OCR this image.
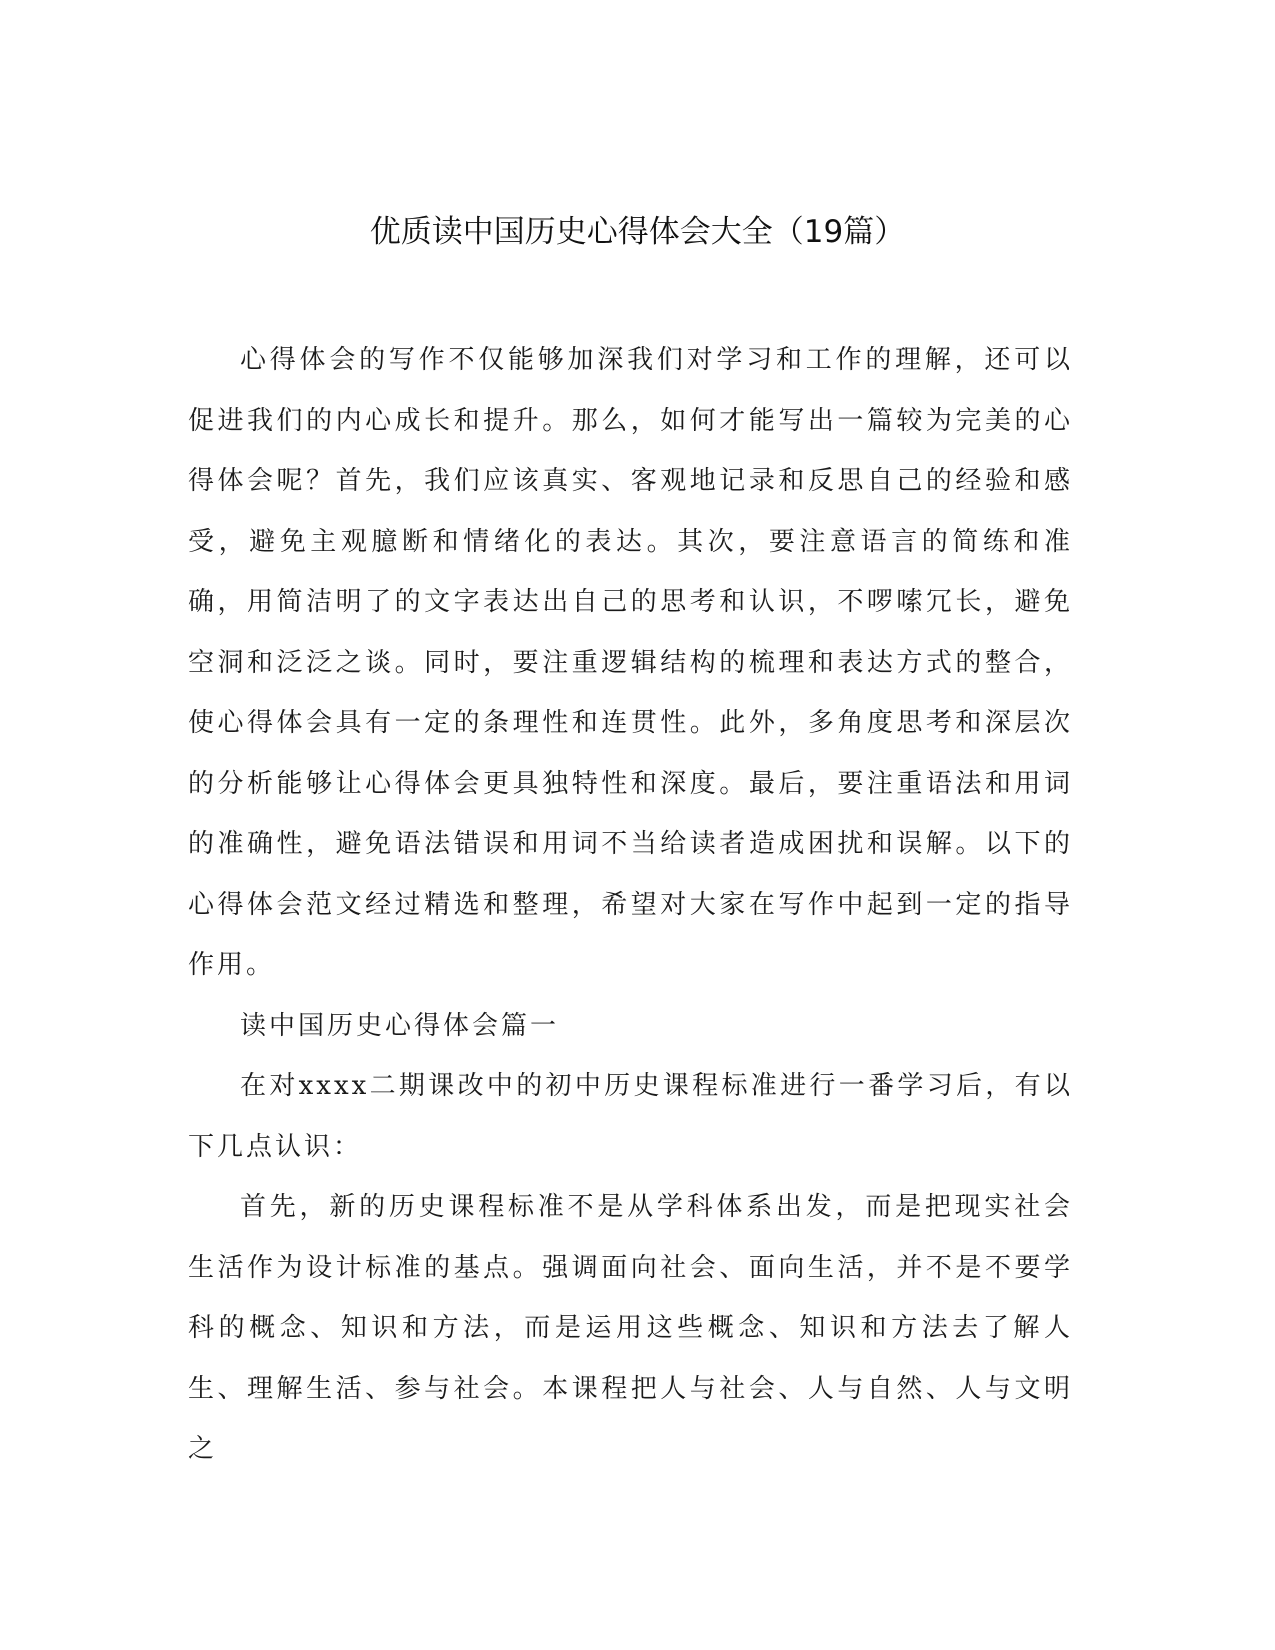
优质读中国历史心得体会大全（19篇）

心得体会的写作不仅能够加深我们对学习和工作的理解，还可以促进我们的内心成长和提升。那么，如何才能写出一篇较为完美的心得体会呢？首先，我们应该真实、客观地记录和反思自己的经验和感受，避免主观臆断和情绪化的表达。其次，要注意语言的简练和准确，用简洁明了的文字表达出自己的思考和认识，不啰嗦冗长，避免空洞和泛泛之谈。同时，要注重逻辑结构的梳理和表达方式的整合，使心得体会具有一定的条理性和连贯性。此外，多角度思考和深层次的分析能够让心得体会更具独特性和深度。最后，要注重语法和用词的准确性，避免语法错误和用词不当给读者造成困扰和误解。以下的心得体会范文经过精选和整理，希望对大家在写作中起到一定的指导作用。

读中国历史心得体会篇一

在对xxxx二期课改中的初中历史课程标准进行一番学习后，有以下几点认识：

首先，新的历史课程标准不是从学科体系出发，而是把现实社会生活作为设计标准的基点。强调面向社会、面向生活，并不是不要学科的概念、知识和方法，而是运用这些概念、知识和方法去了解人生、理解生活、参与社会。本课程把人与社会、人与自然、人与文明之
